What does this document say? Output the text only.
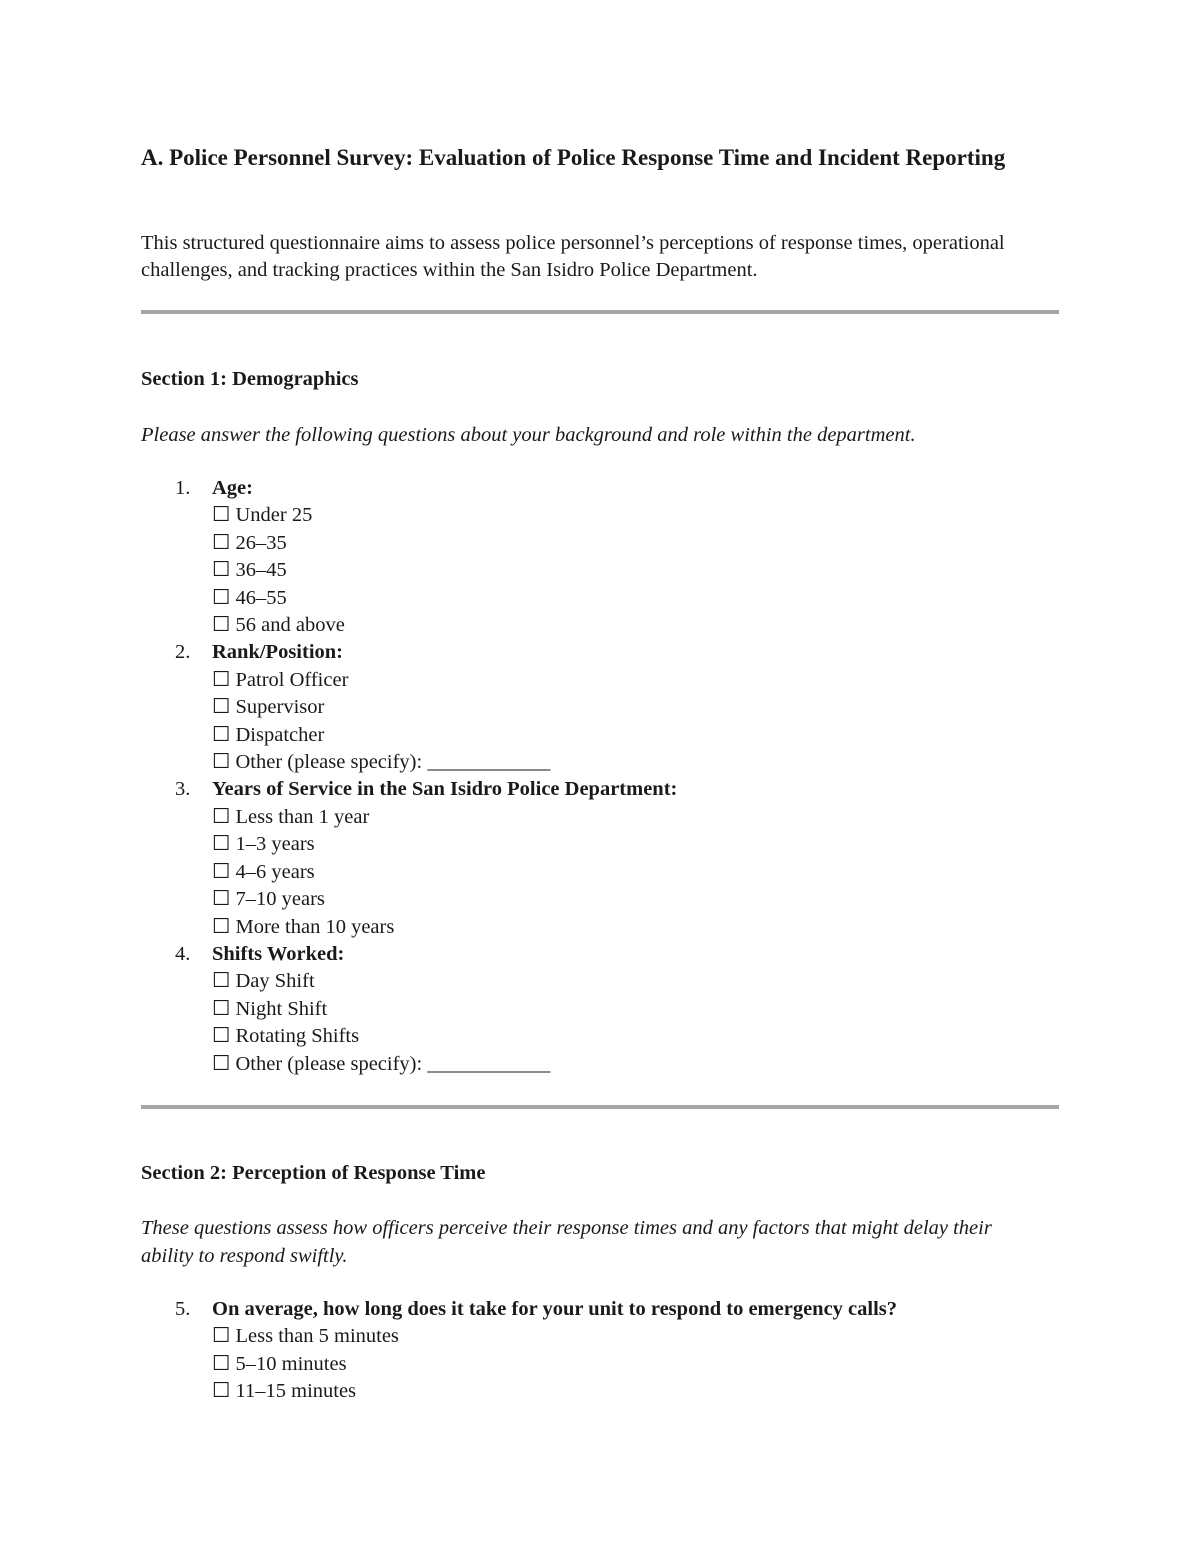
A. Police Personnel Survey: Evaluation of Police Response Time and Incident Reporting
This structured questionnaire aims to assess police personnel’s perceptions of response times, operational challenges, and tracking practices within the San Isidro Police Department.
Section 1: Demographics
Please answer the following questions about your background and role within the department.
1. Age:
☐ Under 25
☐ 26–35
☐ 36–45
☐ 46–55
☐ 56 and above
2. Rank/Position:
☐ Patrol Officer
☐ Supervisor
☐ Dispatcher
☐ Other (please specify): ____________
3. Years of Service in the San Isidro Police Department:
☐ Less than 1 year
☐ 1–3 years
☐ 4–6 years
☐ 7–10 years
☐ More than 10 years
4. Shifts Worked:
☐ Day Shift
☐ Night Shift
☐ Rotating Shifts
☐ Other (please specify): ____________
Section 2: Perception of Response Time
These questions assess how officers perceive their response times and any factors that might delay their ability to respond swiftly.
5. On average, how long does it take for your unit to respond to emergency calls?
☐ Less than 5 minutes
☐ 5–10 minutes
☐ 11–15 minutes
